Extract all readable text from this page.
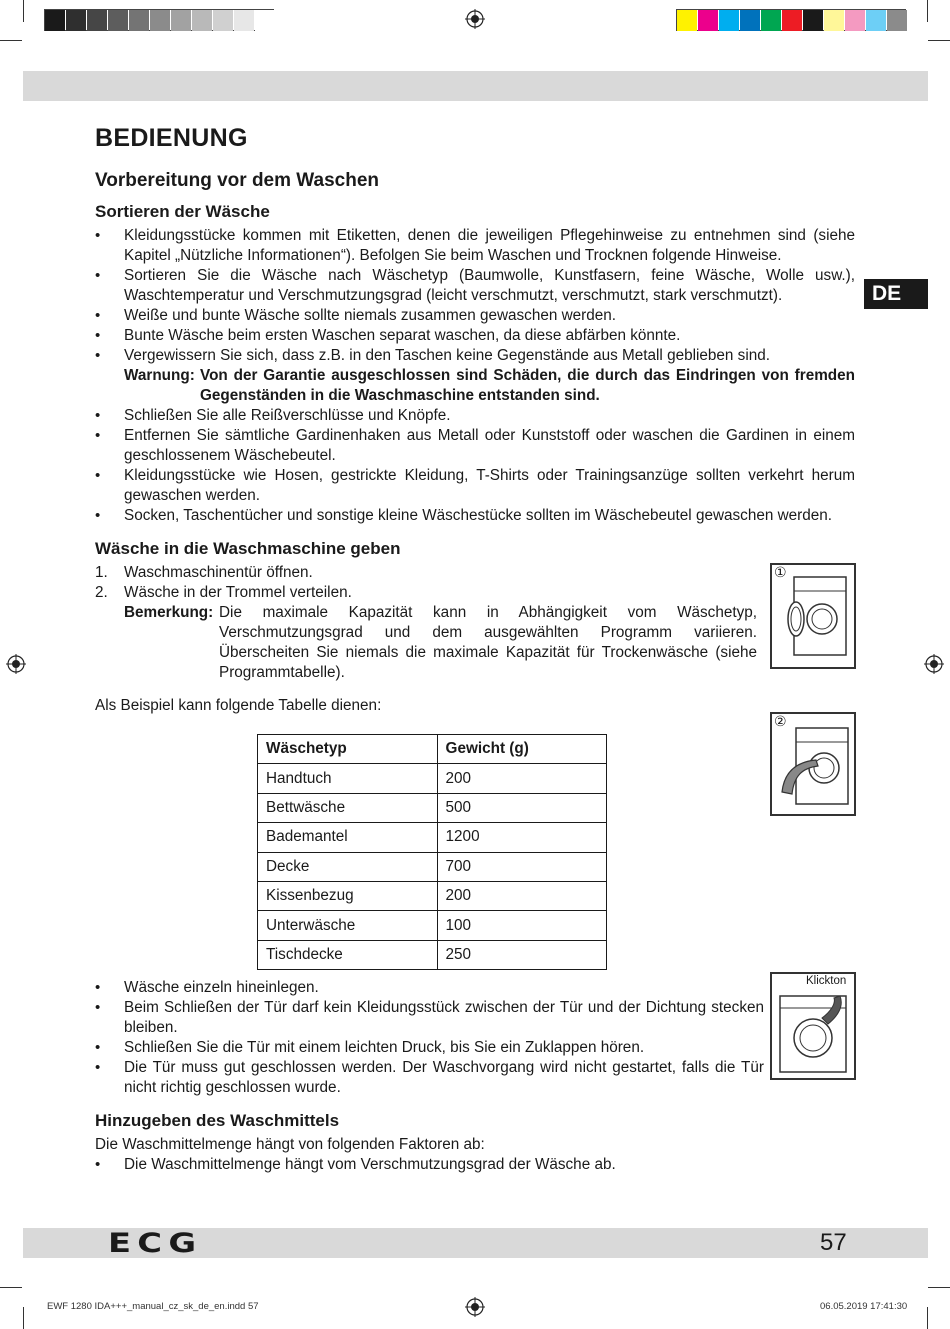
DE
BEDIENUNG
Vorbereitung vor dem Waschen
Sortieren der Wäsche
• Kleidungsstücke kommen mit Etiketten, denen die jeweiligen Pflegehinweise zu entnehmen sind (siehe Kapitel „Nützliche Informationen“). Befolgen Sie beim Waschen und Trocknen folgende Hinweise.
• Sortieren Sie die Wäsche nach Wäschetyp (Baumwolle, Kunstfasern, feine Wäsche, Wolle usw.), Waschtemperatur und Verschmutzungsgrad (leicht verschmutzt, verschmutzt, stark verschmutzt).
• Weiße und bunte Wäsche sollte niemals zusammen gewaschen werden.
• Bunte Wäsche beim ersten Waschen separat waschen, da diese abfärben könnte.
• Vergewissern Sie sich, dass z.B. in den Taschen keine Gegenstände aus Metall geblieben sind.
Warnung: Von der Garantie ausgeschlossen sind Schäden, die durch das Eindringen von fremden Gegenständen in die Waschmaschine entstanden sind.
• Schließen Sie alle Reißverschlüsse und Knöpfe.
• Entfernen Sie sämtliche Gardinenhaken aus Metall oder Kunststoff oder waschen die Gardinen in einem geschlossenem Wäschebeutel.
• Kleidungsstücke wie Hosen, gestrickte Kleidung, T-Shirts oder Trainingsanzüge sollten verkehrt herum gewaschen werden.
• Socken, Taschentücher und sonstige kleine Wäschestücke sollten im Wäschebeutel gewaschen werden.
Wäsche in die Waschmaschine geben
1. Waschmaschinentür öffnen.
2. Wäsche in der Trommel verteilen.
Bemerkung: Die maximale Kapazität kann in Abhängigkeit vom Wäschetyp, Verschmutzungsgrad und dem ausgewählten Programm variieren. Überscheiten Sie niemals die maximale Kapazität für Trockenwäsche (siehe Programmtabelle).
Als Beispiel kann folgende Tabelle dienen:
Wäschetyp	Gewicht (g)
Handtuch	200
Bettwäsche	500
Bademantel	1200
Decke	700
Kissenbezug	200
Unterwäsche	100
Tischdecke	250
①
②
Klickton
• Wäsche einzeln hineinlegen.
• Beim Schließen der Tür darf kein Kleidungsstück zwischen der Tür und der Dichtung stecken bleiben.
• Schließen Sie die Tür mit einem leichten Druck, bis Sie ein Zuklappen hören.
• Die Tür muss gut geschlossen werden. Der Waschvorgang wird nicht gestartet, falls die Tür nicht richtig geschlossen wurde.
Hinzugeben des Waschmittels
Die Waschmittelmenge hängt von folgenden Faktoren ab:
• Die Waschmittelmenge hängt vom Verschmutzungsgrad der Wäsche ab.
ECG	57
EWF 1280 IDA+++_manual_cz_sk_de_en.indd 57	06.05.2019 17:41:30
